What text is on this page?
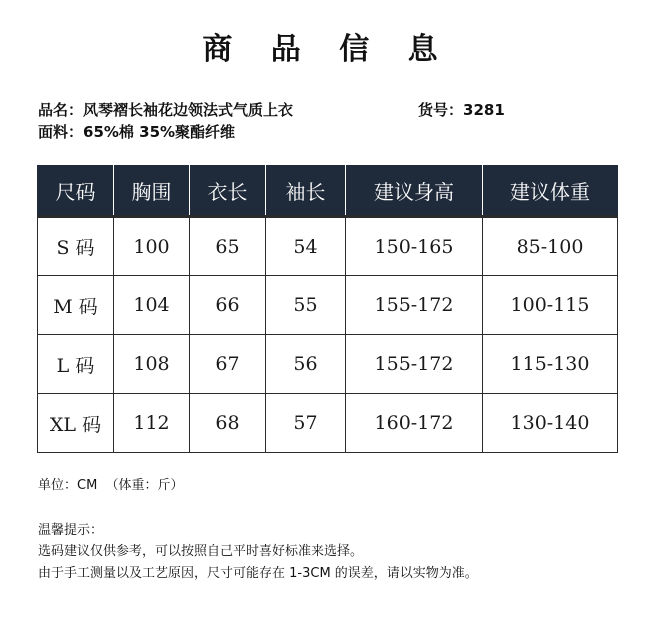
商 品 信 息
品名：风琴褶长袖花边领法式气质上衣	货号：3281
面料：65%棉 35%聚酯纤维
尺码	胸围	衣长	袖长	建议身高	建议体重
S 码	100	65	54	150-165	85-100
M 码	104	66	55	155-172	100-115
L 码	108	67	56	155-172	115-130
XL 码	112	68	57	160-172	130-140
单位：CM  （体重：斤）
温馨提示：
选码建议仅供参考，可以按照自己平时喜好标准来选择。
由于手工测量以及工艺原因，尺寸可能存在 1-3CM 的误差，请以实物为准。
